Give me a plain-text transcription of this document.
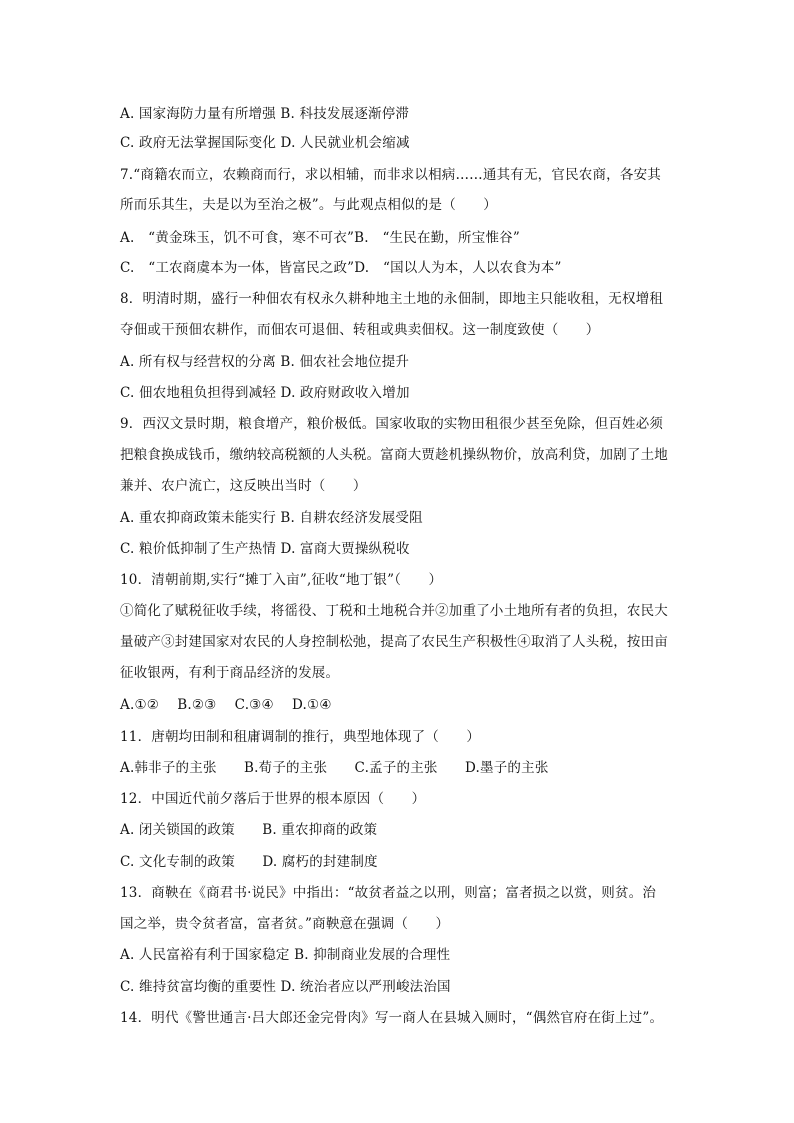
A. 国家海防力量有所增强 B. 科技发展逐渐停滞
C. 政府无法掌握国际变化 D. 人民就业机会缩减
7.“商籍农而立，农赖商而行，求以相辅，而非求以相病……通其有无，官民农商，各安其
所而乐其生，夫是以为至治之极”。与此观点相似的是（　　）
A.　“黄金珠玉，饥不可食，寒不可衣”B.　“生民在勤，所宝惟谷”
C.　“工农商虞本为一体，皆富民之政”D.　“国以人为本，人以农食为本”
8．明清时期，盛行一种佃农有权永久耕种地主土地的永佃制，即地主只能收租，无权增租
夺佃或干预佃农耕作，而佃农可退佃、转租或典卖佃权。这一制度致使（　　）
A. 所有权与经营权的分离 B. 佃农社会地位提升
C. 佃农地租负担得到减轻 D. 政府财政收入增加
9．西汉文景时期，粮食增产，粮价极低。国家收取的实物田租很少甚至免除，但百姓必须
把粮食换成钱币，缴纳较高税额的人头税。富商大贾趁机操纵物价，放高利贷，加剧了土地
兼并、农户流亡，这反映出当时（　　）
A. 重农抑商政策未能实行 B. 自耕农经济发展受阻
C. 粮价低抑制了生产热情 D. 富商大贾操纵税收
10．清朝前期,实行“摊丁入亩”,征收“地丁银”（　　）
①简化了赋税征收手续，将徭役、丁税和土地税合并②加重了小土地所有者的负担，农民大
量破产③封建国家对农民的人身控制松弛，提高了农民生产积极性④取消了人头税，按田亩
征收银两，有利于商品经济的发展。
A.①②　 B.②③　 C.③④　 D.①④
11．唐朝均田制和租庸调制的推行，典型地体现了（　　）
A.韩非子的主张　　B.荀子的主张　　C.孟子的主张　　D.墨子的主张
12．中国近代前夕落后于世界的根本原因（　　）
A. 闭关锁国的政策　　B. 重农抑商的政策
C. 文化专制的政策　　D. 腐朽的封建制度
13．商鞅在《商君书·说民》中指出：“故贫者益之以刑，则富；富者损之以赏，则贫。治
国之举，贵令贫者富，富者贫。”商鞅意在强调（　　）
A. 人民富裕有利于国家稳定 B. 抑制商业发展的合理性
C. 维持贫富均衡的重要性 D. 统治者应以严刑峻法治国
14．明代《警世通言·吕大郎还金完骨肉》写一商人在县城入厕时，“偶然官府在街上过”。
